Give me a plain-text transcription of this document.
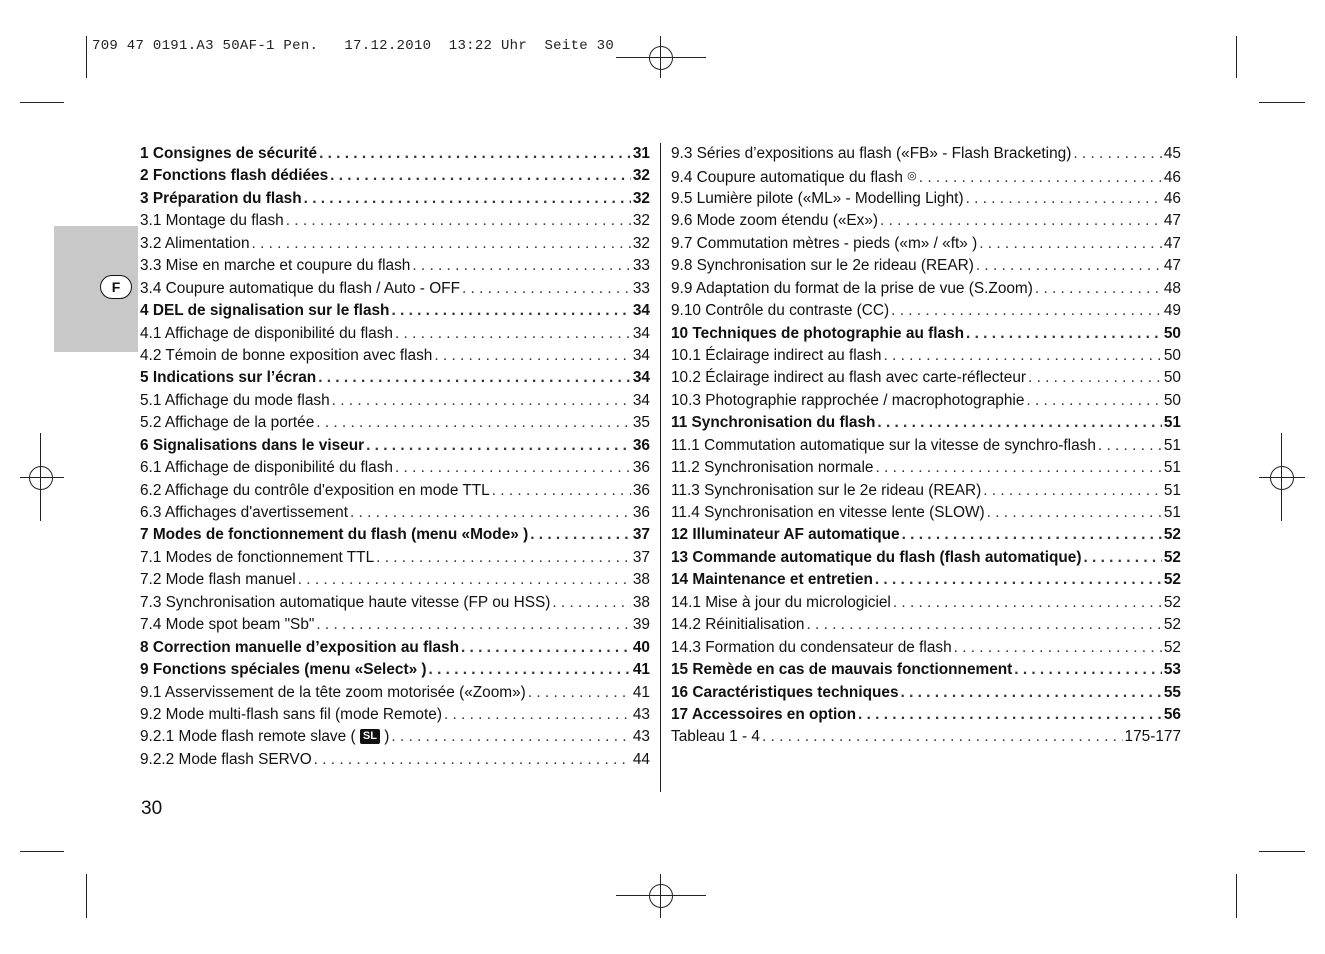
709 47 0191.A3 50AF-1 Pen.   17.12.2010  13:22 Uhr  Seite 30
F
1 Consignes de sécurité . . .	31
2 Fonctions flash dédiées . . .	32
3 Préparation du flash . . .	32
3.1 Montage du flash . . .	32
3.2 Alimentation . . .	32
3.3 Mise en marche et coupure du flash . . .	33
3.4 Coupure automatique du flash / Auto - OFF . . .	33
4 DEL de signalisation sur le flash . . .	34
4.1 Affichage de disponibilité du flash . . .	34
4.2 Témoin de bonne exposition avec flash . . .	34
5 Indications sur l’écran . . .	34
5.1 Affichage du mode flash . . .	34
5.2 Affichage de la portée . . .	35
6 Signalisations dans le viseur . . .	36
6.1 Affichage de disponibilité du flash . . .	36
6.2 Affichage du contrôle d'exposition en mode TTL . . .	36
6.3 Affichages d'avertissement . . .	36
7 Modes de fonctionnement du flash (menu «Mode» ) . . .	37
7.1 Modes de fonctionnement TTL . . .	37
7.2 Mode flash manuel . . .	38
7.3 Synchronisation automatique haute vitesse (FP ou HSS) . . .	38
7.4 Mode spot beam "Sb" . . .	39
8 Correction manuelle d’exposition au flash . . .	40
9 Fonctions spéciales (menu «Select» ) . . .	41
9.1 Asservissement de la tête zoom motorisée («Zoom») . . .	41
9.2 Mode multi-flash sans fil (mode Remote) . . .	43
9.2.1 Mode flash remote slave ( SL ) . . .	43
9.2.2 Mode flash SERVO . . .	44
9.3 Séries d’expositions au flash («FB» - Flash Bracketing) . . .	45
9.4 Coupure automatique du flash ◎ . . .	46
9.5 Lumière pilote («ML» - Modelling Light) . . .	46
9.6 Mode zoom étendu («Ex») . . .	47
9.7 Commutation mètres - pieds («m» / «ft» ) . . .	47
9.8 Synchronisation sur le 2e rideau (REAR) . . .	47
9.9 Adaptation du format de la prise de vue (S.Zoom) . . .	48
9.10 Contrôle du contraste (CC) . . .	49
10 Techniques de photographie au flash . . .	50
10.1 Éclairage indirect au flash . . .	50
10.2 Éclairage indirect au flash avec carte-réflecteur . . .	50
10.3 Photographie rapprochée / macrophotographie . . .	50
11 Synchronisation du flash . . .	51
11.1 Commutation automatique sur la vitesse de synchro-flash . . .	51
11.2 Synchronisation normale . . .	51
11.3 Synchronisation sur le 2e rideau (REAR) . . .	51
11.4 Synchronisation en vitesse lente (SLOW) . . .	51
12 Illuminateur AF automatique . . .	52
13 Commande automatique du flash (flash automatique) . . .	52
14 Maintenance et entretien . . .	52
14.1 Mise à jour du micrologiciel . . .	52
14.2 Réinitialisation . . .	52
14.3 Formation du condensateur de flash . . .	52
15 Remède en cas de mauvais fonctionnement . . .	53
16 Caractéristiques techniques . . .	55
17 Accessoires en option . . .	56
Tableau 1 - 4 . . .	175-177
30
